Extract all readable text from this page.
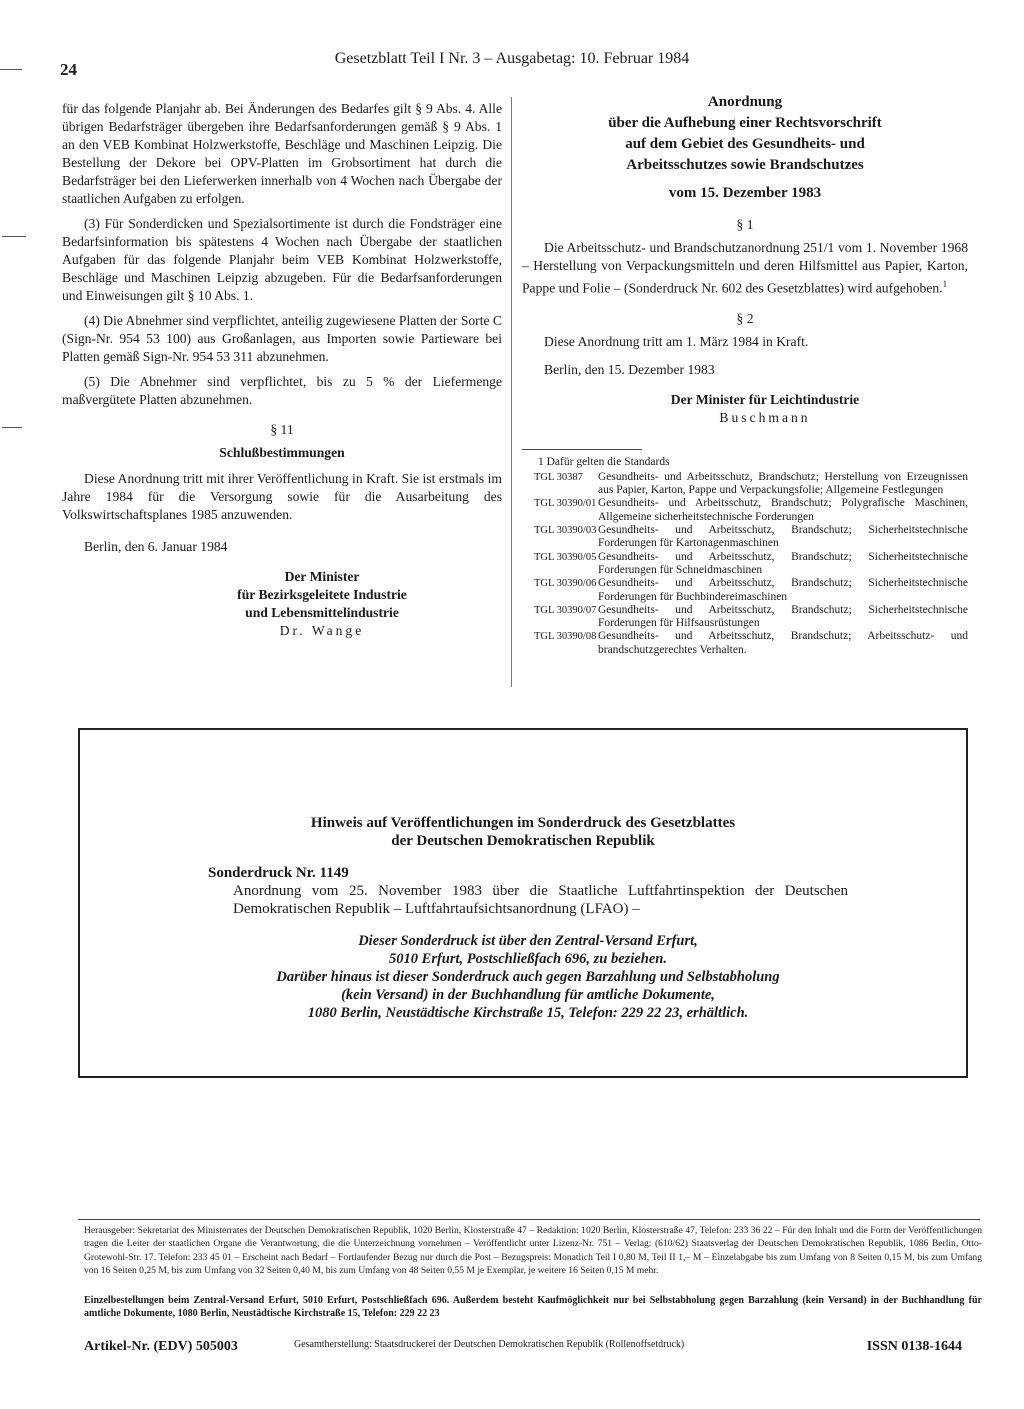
24
Gesetzblatt Teil I Nr. 3 – Ausgabetag: 10. Februar 1984

für das folgende Planjahr ab. Bei Änderungen des Bedarfes gilt § 9 Abs. 4. Alle übrigen Bedarfsträger übergeben ihre Bedarfsanforderungen gemäß § 9 Abs. 1 an den VEB Kombinat Holzwerkstoffe, Beschläge und Maschinen Leipzig. Die Bestellung der Dekore bei OPV-Platten im Grobsortiment hat durch die Bedarfsträger bei den Lieferwerken innerhalb von 4 Wochen nach Übergabe der staatlichen Aufgaben zu erfolgen.

(3) Für Sonderdicken und Spezialsortimente ist durch die Fondsträger eine Bedarfsinformation bis spätestens 4 Wochen nach Übergabe der staatlichen Aufgaben für das folgende Planjahr beim VEB Kombinat Holzwerkstoffe, Beschläge und Maschinen Leipzig abzugeben. Für die Bedarfsanforderungen und Einweisungen gilt § 10 Abs. 1.

(4) Die Abnehmer sind verpflichtet, anteilig zugewiesene Platten der Sorte C (Sign-Nr. 954 53 100) aus Großanlagen, aus Importen sowie Partieware bei Platten gemäß Sign-Nr. 954 53 311 abzunehmen.

(5) Die Abnehmer sind verpflichtet, bis zu 5 % der Liefermenge maßvergütete Platten abzunehmen.

§ 11
Schlußbestimmungen

Diese Anordnung tritt mit ihrer Veröffentlichung in Kraft. Sie ist erstmals im Jahre 1984 für die Versorgung sowie für die Ausarbeitung des Volkswirtschaftsplanes 1985 anzuwenden.

Berlin, den 6. Januar 1984
Der Minister
für Bezirksgeleitete Industrie
und Lebensmittelindustrie
Dr. Wange
Anordnung
über die Aufhebung einer Rechtsvorschrift
auf dem Gebiet des Gesundheits- und
Arbeitsschutzes sowie Brandschutzes
vom 15. Dezember 1983
§ 1

Die Arbeitsschutz- und Brandschutzanordnung 251/1 vom 1. November 1968 – Herstellung von Verpackungsmitteln und deren Hilfsmittel aus Papier, Karton, Pappe und Folie – (Sonderdruck Nr. 602 des Gesetzblattes) wird aufgehoben.$^1$

§ 2

Diese Anordnung tritt am 1. März 1984 in Kraft.

Berlin, den 15. Dezember 1983
Der Minister für Leichtindustrie
Buschmann
1 Dafür gelten die Standards
TGL 30387	Gesundheits- und Arbeitsschutz, Brandschutz; Herstellung von Erzeugnissen aus Papier, Karton, Pappe und Verpackungsfolie; Allgemeine Festlegungen
TGL 30390/01 Gesundheits- und Arbeitsschutz, Brandschutz; Polygrafische Maschinen, Allgemeine sicherheitstechnische Forderungen
TGL 30390/03 Gesundheits- und Arbeitsschutz, Brandschutz; Sicherheitstechnische Forderungen für Kartonagenmaschinen
TGL 30390/05 Gesundheits- und Arbeitsschutz, Brandschutz; Sicherheitstechnische Forderungen für Schneidmaschinen
TGL 30390/06 Gesundheits- und Arbeitsschutz, Brandschutz; Sicherheitstechnische Forderungen für Buchbindereimaschinen
TGL 30390/07 Gesundheits- und Arbeitsschutz, Brandschutz; Sicherheitstechnische Forderungen für Hilfsausrüstungen
TGL 30390/08 Gesundheits- und Arbeitsschutz, Brandschutz; Arbeitsschutz- und brandschutzgerechtes Verhalten.
Hinweis auf Veröffentlichungen im Sonderdruck des Gesetzblattes
der Deutschen Demokratischen Republik
Sonderdruck Nr. 1149
Anordnung vom 25. November 1983 über die Staatliche Luftfahrtinspektion der Deutschen Demokratischen Republik – Luftfahrtaufsichtsanordnung (LFAO) –
Dieser Sonderdruck ist über den Zentral-Versand Erfurt,
5010 Erfurt, Postschließfach 696, zu beziehen.
Darüber hinaus ist dieser Sonderdruck auch gegen Barzahlung und Selbstabholung
(kein Versand) in der Buchhandlung für amtliche Dokumente,
1080 Berlin, Neustädtische Kirchstraße 15, Telefon: 229 22 23, erhältlich.
Herausgeber: Sekretariat des Ministerrates der Deutschen Demokratischen Republik, 1020 Berlin, Klosterstraße 47 – Redaktion: 1020 Berlin, Klosterstraße 47, Telefon: 233 36 22 – Für den Inhalt und die Form der Veröffentlichungen tragen die Leiter der staatlichen Organe die Verantwortung, die die Unterzeichnung vornehmen – Veröffentlicht unter Lizenz-Nr. 751 – Verlag: (610/62) Staatsverlag der Deutschen Demokratischen Republik, 1086 Berlin, Otto-Grotewohl-Str. 17. Telefon: 233 45 01 – Erscheint nach Bedarf – Fortlaufender Bezug nur durch die Post – Bezugspreis: Monatlich Teil I 0,80 M, Teil II 1,– M – Einzelabgabe bis zum Umfang von 8 Seiten 0,15 M, bis zum Umfang von 16 Seiten 0,25 M, bis zum Umfang von 32 Seiten 0,40 M, bis zum Umfang von 48 Seiten 0,55 M je Exemplar, je weitere 16 Seiten 0,15 M mehr.
Einzelbestellungen beim Zentral-Versand Erfurt, 5010 Erfurt, Postschließfach 696. Außerdem besteht Kaufmöglichkeit nur bei Selbstabholung gegen Barzahlung (kein Versand) in der Buchhandlung für amtliche Dokumente, 1080 Berlin, Neustädtische Kirchstraße 15, Telefon: 229 22 23
Artikel-Nr. (EDV) 505003	Gesamtherstellung: Staatsdruckerei der Deutschen Demokratischen Republik (Rollenoffsetdruck)	ISSN 0138-1644
